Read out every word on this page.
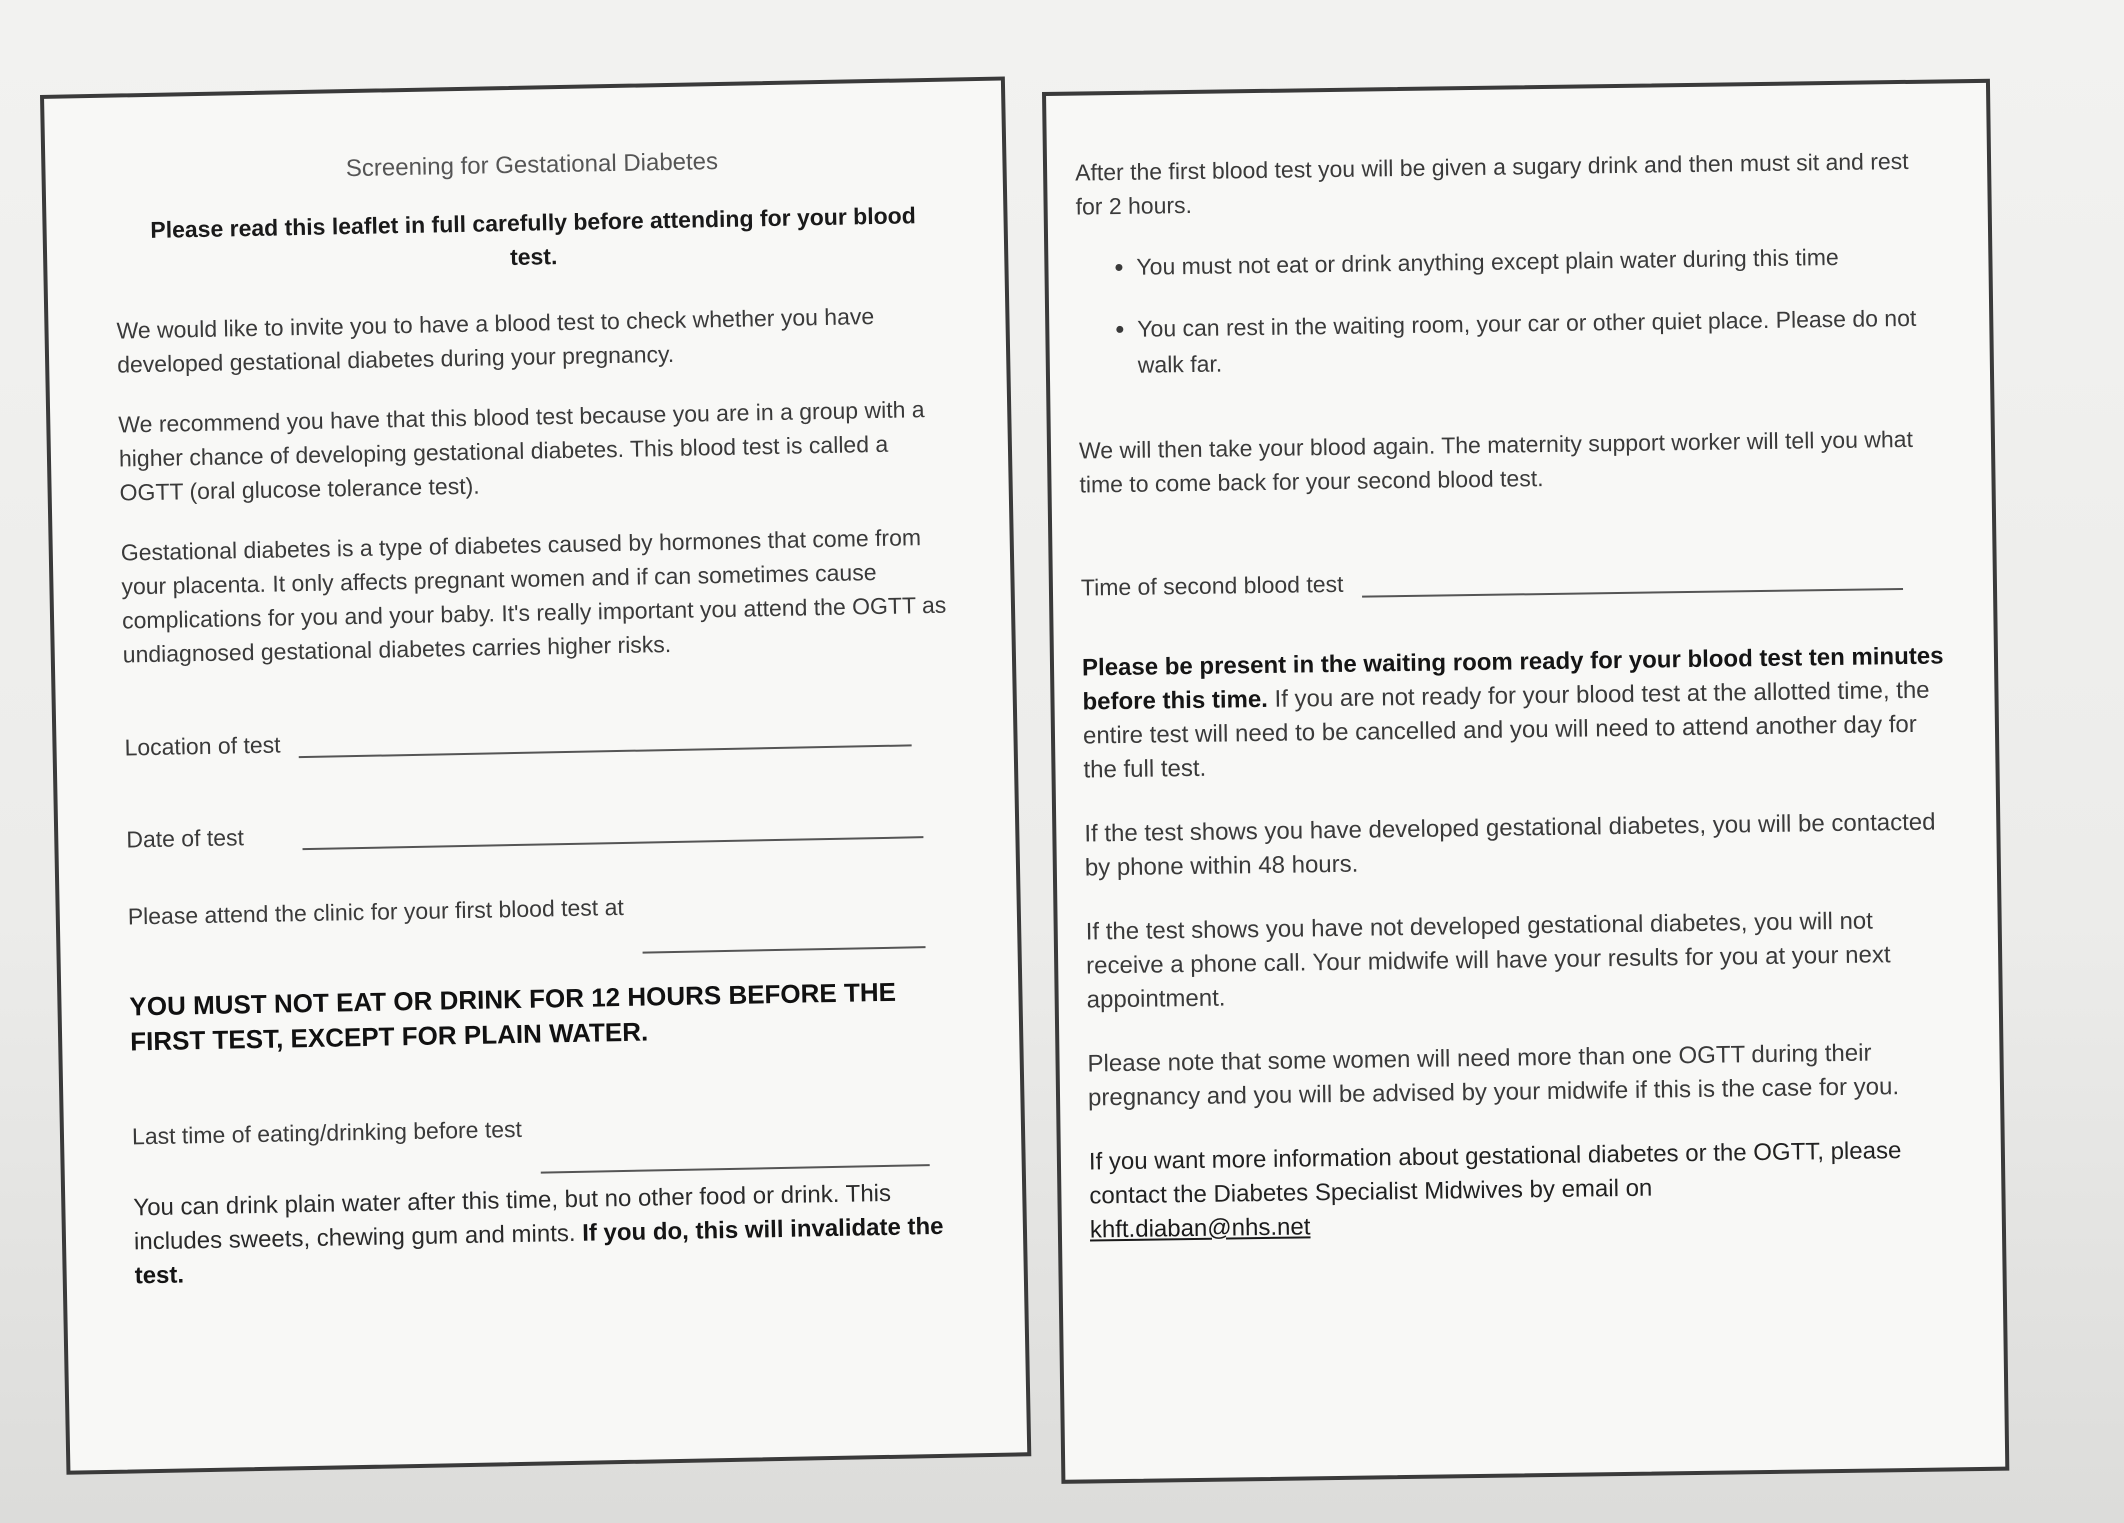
Screening for Gestational Diabetes
Please read this leaflet in full carefully before attending for your blood test.

We would like to invite you to have a blood test to check whether you have developed gestational diabetes during your pregnancy.

We recommend you have that this blood test because you are in a group with a higher chance of developing gestational diabetes. This blood test is called a OGTT (oral glucose tolerance test).

Gestational diabetes is a type of diabetes caused by hormones that come from your placenta. It only affects pregnant women and if can sometimes cause complications for you and your baby. It's really important you attend the OGTT as undiagnosed gestational diabetes carries higher risks.

Location of test
Date of test
Please attend the clinic for your first blood test at
YOU MUST NOT EAT OR DRINK FOR 12 HOURS BEFORE THE FIRST TEST, EXCEPT FOR PLAIN WATER.
Last time of eating/drinking before test

You can drink plain water after this time, but no other food or drink. This includes sweets, chewing gum and mints. If you do, this will invalidate the test.

After the first blood test you will be given a sugary drink and then must sit and rest for 2 hours.

• You must not eat or drink anything except plain water during this time
• You can rest in the waiting room, your car or other quiet place. Please do not walk far.

We will then take your blood again. The maternity support worker will tell you what time to come back for your second blood test.

Time of second blood test

Please be present in the waiting room ready for your blood test ten minutes before this time. If you are not ready for your blood test at the allotted time, the entire test will need to be cancelled and you will need to attend another day for the full test.

If the test shows you have developed gestational diabetes, you will be contacted by phone within 48 hours.

If the test shows you have not developed gestational diabetes, you will not receive a phone call. Your midwife will have your results for you at your next appointment.

Please note that some women will need more than one OGTT during their pregnancy and you will be advised by your midwife if this is the case for you.

If you want more information about gestational diabetes or the OGTT, please contact the Diabetes Specialist Midwives by email on
khft.diaban@nhs.net
